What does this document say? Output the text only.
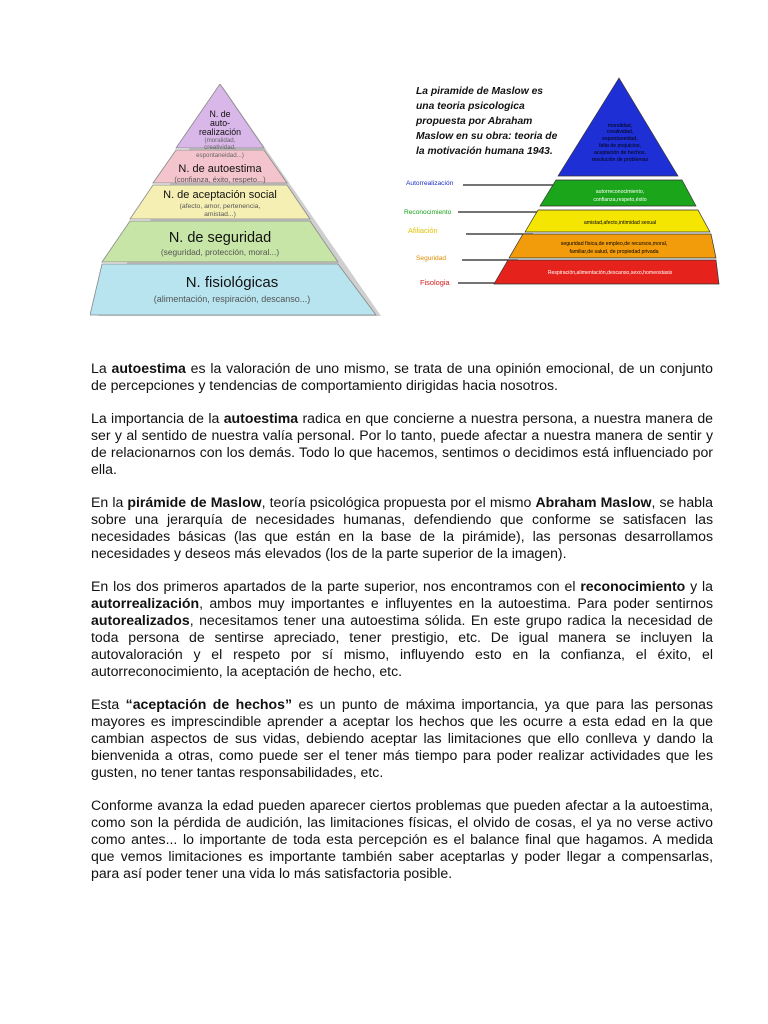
N. de
auto-
realización
(moralidad,
creatividad,
espontaneidad...)
N. de autoestima
(confianza, éxito, respeto...)
N. de aceptación social
(afecto, amor, pertenencia,
amistad...)
N. de seguridad
(seguridad, protección, moral...)
N. fisiológicas
(alimentación, respiración, descanso...)
La piramide de Maslow es
una teoria psicologica
propuesta por Abraham
Maslow en su obra: teoria de
la motivación humana 1943.
moralidad,
creatividad,
espontaneidad,
falta de prejuicios,
aceptación de hechos,
resolución de problemas
autorreconocimiento,
confianza,respeto,éxito
amistad,afecto,intimidad sexual
seguridad física,de empleo,de recursos,moral,
familiar,de salud, de propiedad privada
Respiración,alimentación,descanso,sexo,homeostasis
Autorrealización
Reconocimiento
Afiliación
Seguridad
Fisologia

La autoestima es la valoración de uno mismo, se trata de una opinión emocional, de un conjunto de percepciones y tendencias de comportamiento dirigidas hacia nosotros.

La importancia de la autoestima radica en que concierne a nuestra persona, a nuestra manera de ser y al sentido de nuestra valía personal. Por lo tanto, puede afectar a nuestra manera de sentir y de relacionarnos con los demás. Todo lo que hacemos, sentimos o decidimos está influenciado por ella.

En la pirámide de Maslow, teoría psicológica propuesta por el mismo Abraham Maslow, se habla sobre una jerarquía de necesidades humanas, defendiendo que conforme se satisfacen las necesidades básicas (las que están en la base de la pirámide), las personas desarrollamos necesidades y deseos más elevados (los de la parte superior de la imagen).

En los dos primeros apartados de la parte superior, nos encontramos con el reconocimiento y la autorrealización, ambos muy importantes e influyentes en la autoestima. Para poder sentirnos autorealizados, necesitamos tener una autoestima sólida. En este grupo radica la necesidad de toda persona de sentirse apreciado, tener prestigio, etc. De igual manera se incluyen la autovaloración y el respeto por sí mismo, influyendo esto en la confianza, el éxito, el autorreconocimiento, la aceptación de hecho, etc.

Esta “aceptación de hechos” es un punto de máxima importancia, ya que para las personas mayores es imprescindible aprender a aceptar los hechos que les ocurre a esta edad en la que cambian aspectos de sus vidas, debiendo aceptar las limitaciones que ello conlleva y dando la bienvenida a otras, como puede ser el tener más tiempo para poder realizar actividades que les gusten, no tener tantas responsabilidades, etc.

Conforme avanza la edad pueden aparecer ciertos problemas que pueden afectar a la autoestima, como son la pérdida de audición, las limitaciones físicas, el olvido de cosas, el ya no verse activo como antes... lo importante de toda esta percepción es el balance final que hagamos. A medida que vemos limitaciones es importante también saber aceptarlas y poder llegar a compensarlas, para así poder tener una vida lo más satisfactoria posible.
